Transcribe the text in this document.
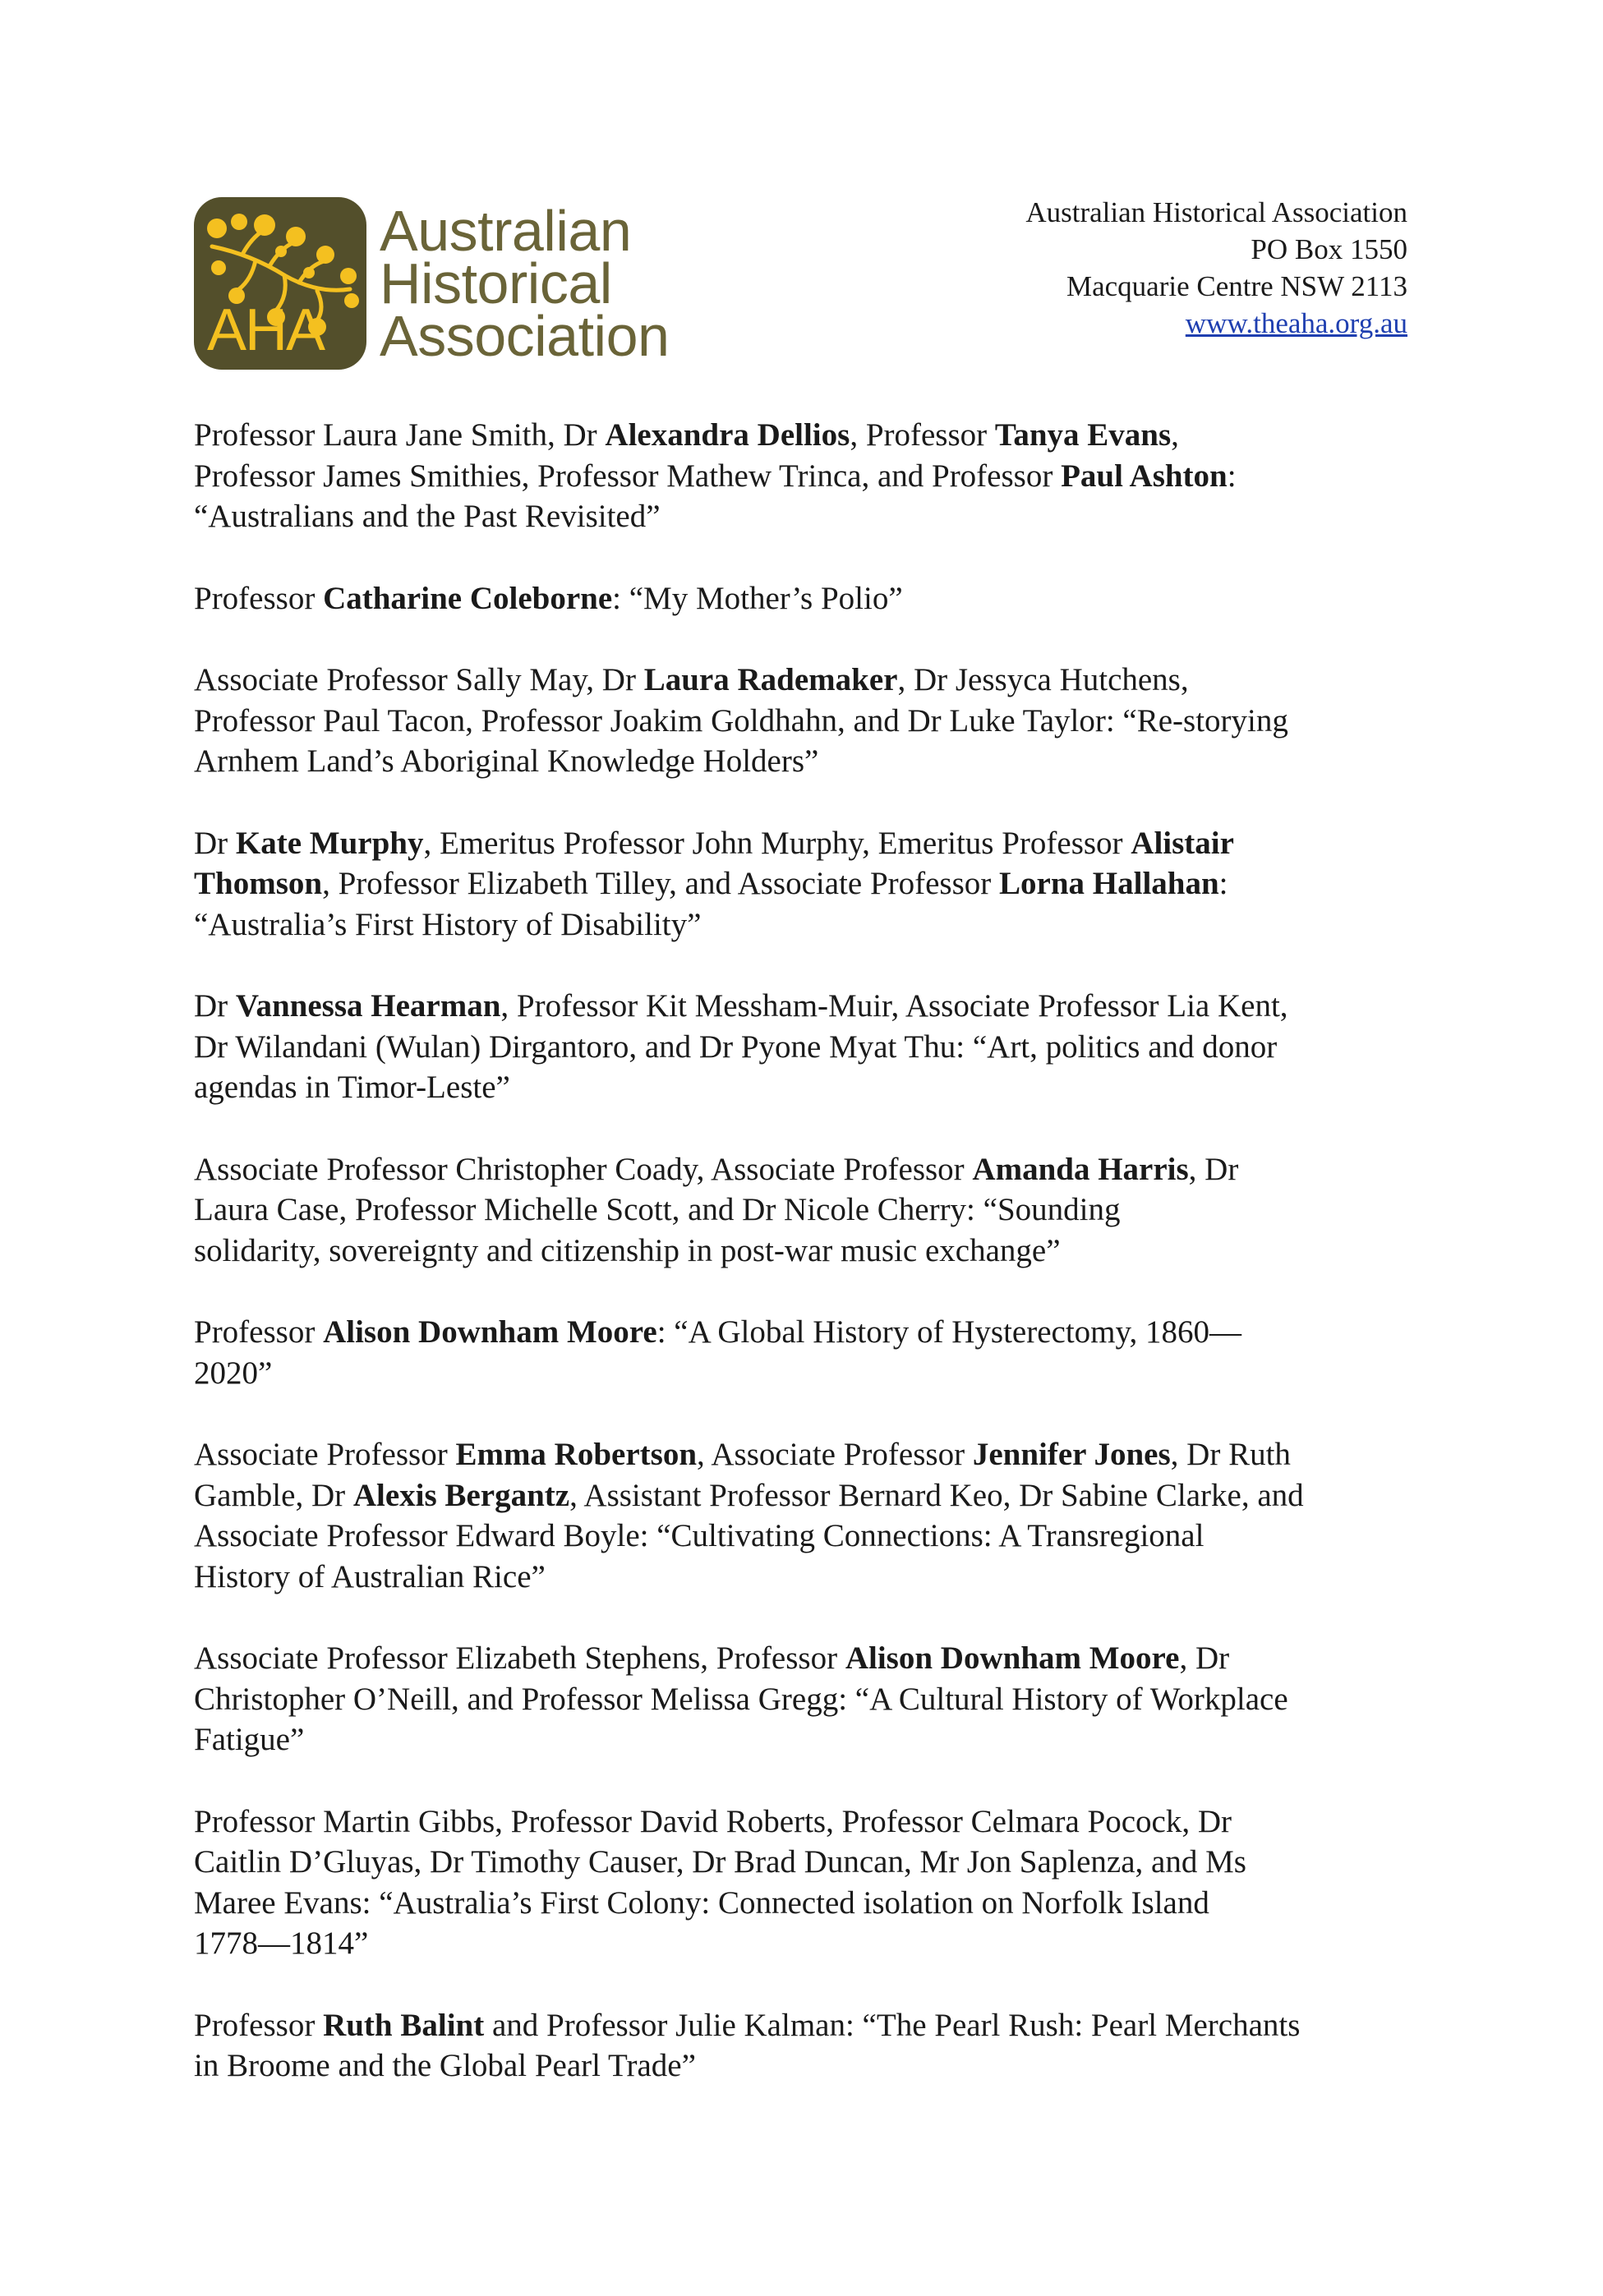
AHA
Australian
Historical
Association
Australian Historical Association
PO Box 1550
Macquarie Centre NSW 2113
www.theaha.org.au
Professor Laura Jane Smith, Dr Alexandra Dellios, Professor Tanya Evans,
Professor James Smithies, Professor Mathew Trinca, and Professor Paul Ashton:
“Australians and the Past Revisited”
Professor Catharine Coleborne: “My Mother’s Polio”
Associate Professor Sally May, Dr Laura Rademaker, Dr Jessyca Hutchens,
Professor Paul Tacon, Professor Joakim Goldhahn, and Dr Luke Taylor: “Re-storying
Arnhem Land’s Aboriginal Knowledge Holders”
Dr Kate Murphy, Emeritus Professor John Murphy, Emeritus Professor Alistair
Thomson, Professor Elizabeth Tilley, and Associate Professor Lorna Hallahan:
“Australia’s First History of Disability”
Dr Vannessa Hearman, Professor Kit Messham-Muir, Associate Professor Lia Kent,
Dr Wilandani (Wulan) Dirgantoro, and Dr Pyone Myat Thu: “Art, politics and donor
agendas in Timor-Leste”
Associate Professor Christopher Coady, Associate Professor Amanda Harris, Dr
Laura Case, Professor Michelle Scott, and Dr Nicole Cherry: “Sounding
solidarity, sovereignty and citizenship in post-war music exchange”
Professor Alison Downham Moore: “A Global History of Hysterectomy, 1860—
2020”
Associate Professor Emma Robertson, Associate Professor Jennifer Jones, Dr Ruth
Gamble, Dr Alexis Bergantz, Assistant Professor Bernard Keo, Dr Sabine Clarke, and
Associate Professor Edward Boyle: “Cultivating Connections: A Transregional
History of Australian Rice”
Associate Professor Elizabeth Stephens, Professor Alison Downham Moore, Dr
Christopher O’Neill, and Professor Melissa Gregg: “A Cultural History of Workplace
Fatigue”
Professor Martin Gibbs, Professor David Roberts, Professor Celmara Pocock, Dr
Caitlin D’Gluyas, Dr Timothy Causer, Dr Brad Duncan, Mr Jon Saplenza, and Ms
Maree Evans: “Australia’s First Colony: Connected isolation on Norfolk Island
1778—1814”
Professor Ruth Balint and Professor Julie Kalman: “The Pearl Rush: Pearl Merchants
in Broome and the Global Pearl Trade”
